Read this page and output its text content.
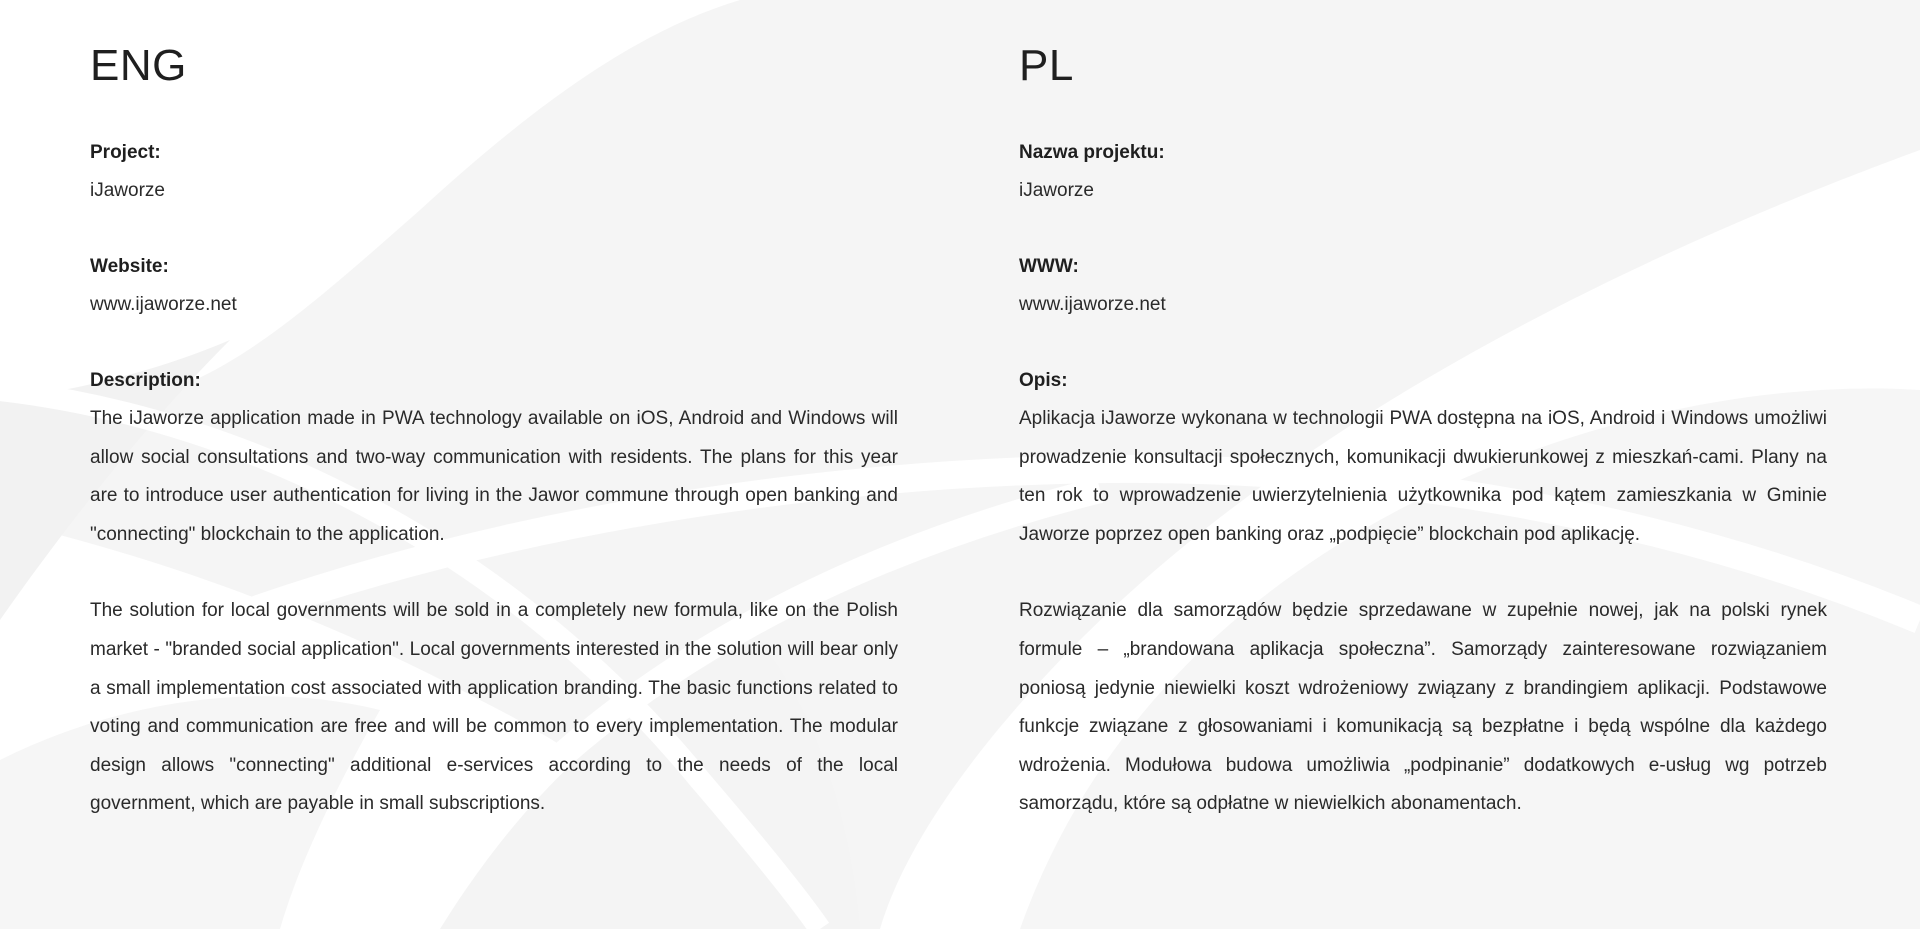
ENG
Project:
iJaworze
Website:
www.ijaworze.net
Description:

The iJaworze application made in PWA technology available on iOS, Android and Windows will allow social consultations and two-way communication with residents. The plans for this year are to introduce user authentication for living in the Jawor commune through open banking and "connecting" blockchain to the application.

The solution for local governments will be sold in a completely new formula, like on the Polish market - "branded social application". Local governments interested in the solution will bear only a small implementation cost associated with application branding. The basic functions related to voting and communication are free and will be common to every implementation. The modular design allows "connecting" additional e-services according to the needs of the local government, which are payable in small subscriptions.

PL
Nazwa projektu:
iJaworze
WWW:
www.ijaworze.net
Opis:

Aplikacja iJaworze wykonana w technologii PWA dostępna na iOS, Android i Windows umożliwi prowadzenie konsultacji społecznych, komunikacji dwukierunkowej z mieszkań-cami. Plany na ten rok to wprowadzenie uwierzytelnienia użytkownika pod kątem zamieszkania w Gminie Jaworze poprzez open banking oraz „podpięcie” blockchain pod aplikację.

Rozwiązanie dla samorządów będzie sprzedawane w zupełnie nowej, jak na polski rynek formule – „brandowana aplikacja społeczna”. Samorządy zainteresowane rozwiązaniem poniosą jedynie niewielki koszt wdrożeniowy związany z brandingiem aplikacji. Podstawowe funkcje związane z głosowaniami i komunikacją są bezpłatne i będą wspólne dla każdego wdrożenia. Modułowa budowa umożliwia „podpinanie” dodatkowych e-usług wg potrzeb samorządu, które są odpłatne w niewielkich abonamentach.
